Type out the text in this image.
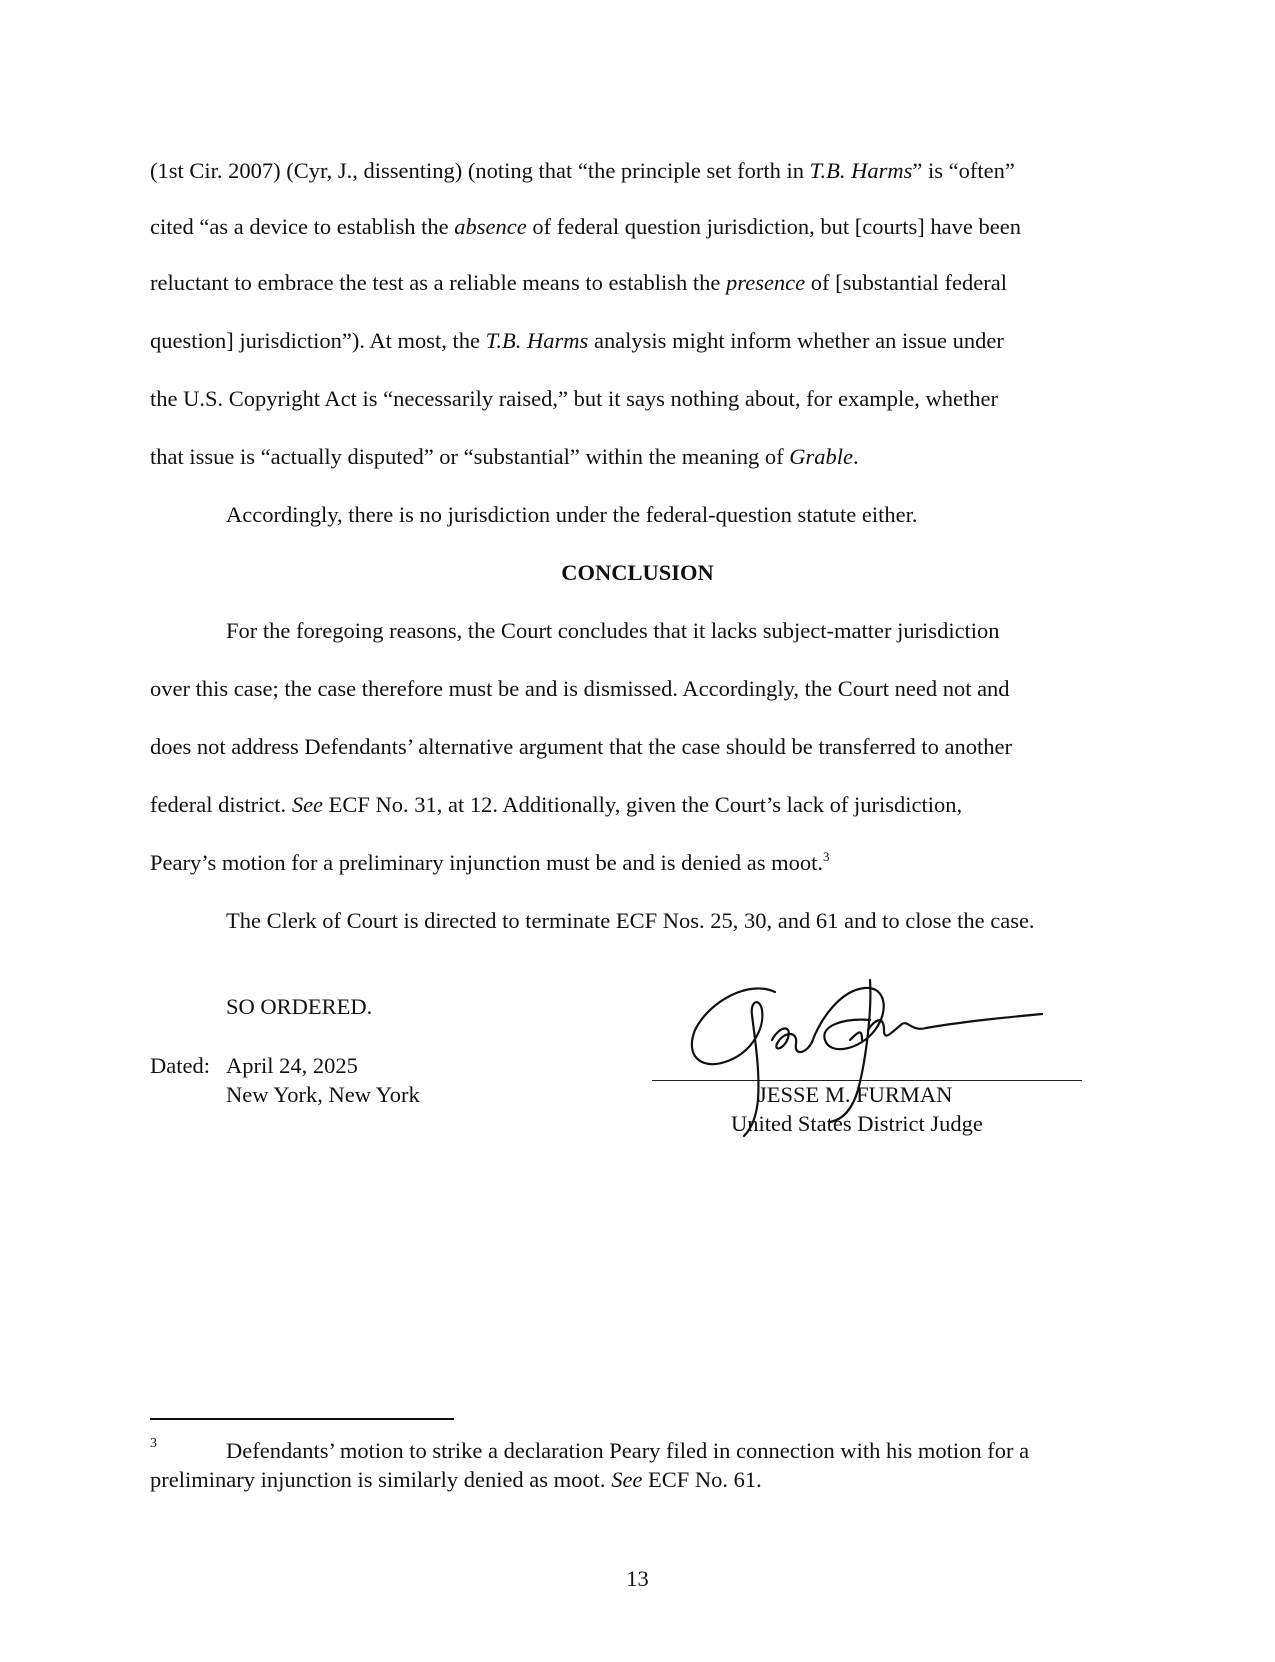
(1st Cir. 2007) (Cyr, J., dissenting) (noting that “the principle set forth in T.B. Harms” is “often”
cited “as a device to establish the absence of federal question jurisdiction, but [courts] have been
reluctant to embrace the test as a reliable means to establish the presence of [substantial federal
question] jurisdiction”). At most, the T.B. Harms analysis might inform whether an issue under
the U.S. Copyright Act is “necessarily raised,” but it says nothing about, for example, whether
that issue is “actually disputed” or “substantial” within the meaning of Grable.
Accordingly, there is no jurisdiction under the federal-question statute either.
CONCLUSION
For the foregoing reasons, the Court concludes that it lacks subject-matter jurisdiction
over this case; the case therefore must be and is dismissed. Accordingly, the Court need not and
does not address Defendants’ alternative argument that the case should be transferred to another
federal district. See ECF No. 31, at 12. Additionally, given the Court’s lack of jurisdiction,
Peary’s motion for a preliminary injunction must be and is denied as moot.$^3$
The Clerk of Court is directed to terminate ECF Nos. 25, 30, and 61 and to close the case.
SO ORDERED.
Dated: April 24, 2025
New York, New York	JESSE M. FURMAN
United States District Judge
3	Defendants’ motion to strike a declaration Peary filed in connection with his motion for a
preliminary injunction is similarly denied as moot. See ECF No. 61.
13
